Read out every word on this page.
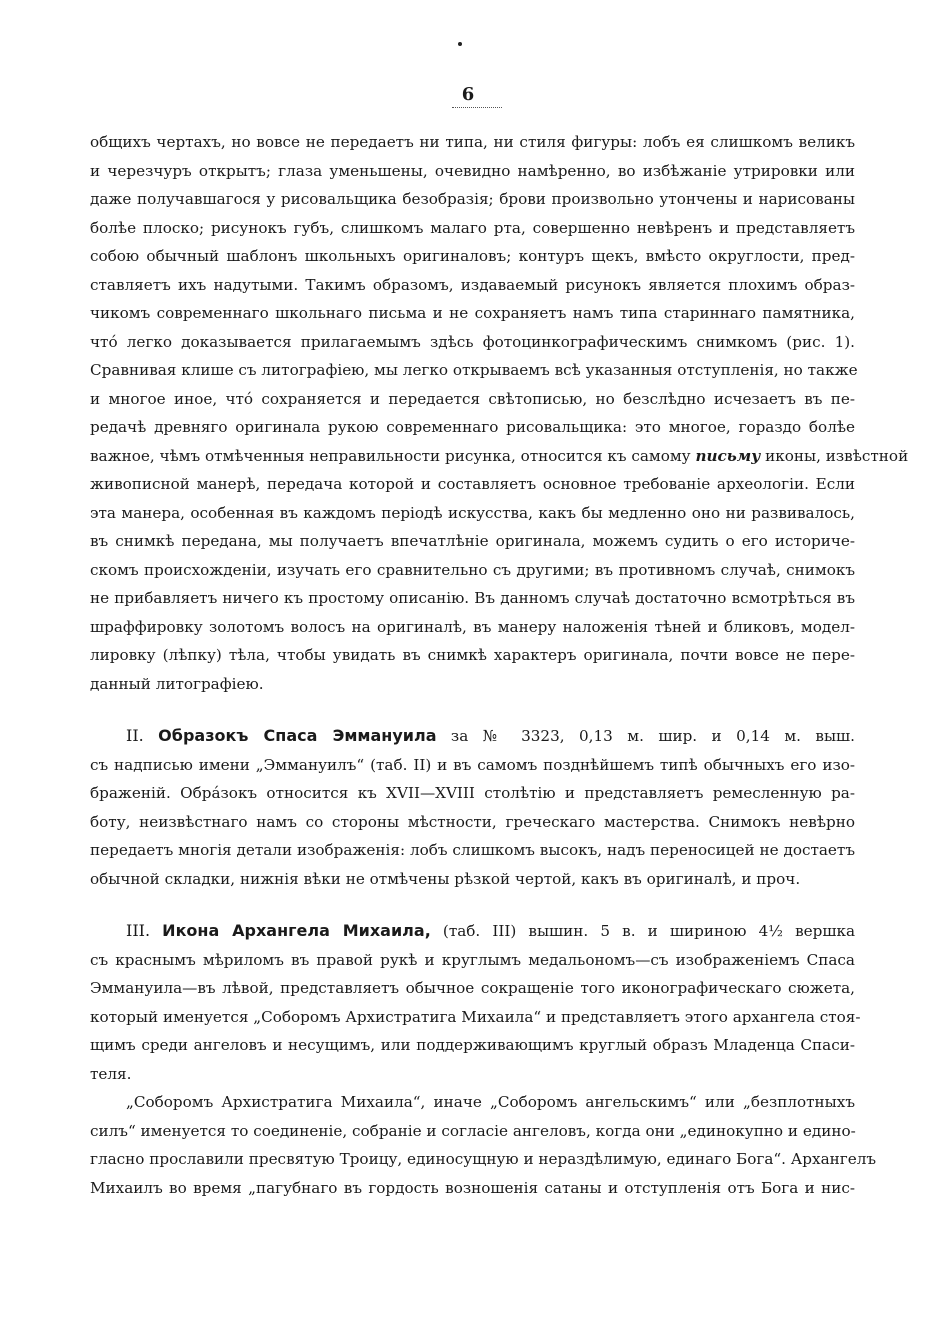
6
общихъ чертахъ, но вовсе не передаетъ ни типа, ни стиля фигуры: лобъ ея слишкомъ великъ
и черезчуръ открытъ; глаза уменьшены, очевидно намѣренно, во избѣжаніе утрировки или
даже получавшагося у рисовальщика безобразія; брови произвольно утончены и нарисованы
болѣе плоско; рисунокъ губъ, слишкомъ малаго рта, совершенно невѣренъ и представляетъ
собою обычный шаблонъ школьныхъ оригиналовъ; контуръ щекъ, вмѣсто округлости, пред-
ставляетъ ихъ надутыми. Такимъ образомъ, издаваемый рисунокъ является плохимъ образ-
чикомъ современнаго школьнаго письма и не сохраняетъ намъ типа стариннаго памятника,
что́ легко доказывается прилагаемымъ здѣсь фотоцинкографическимъ снимкомъ (рис. 1).
Сравнивая клише съ литографіею, мы легко открываемъ всѣ указанныя отступленія, но также
и многое иное, что́ сохраняется и передается свѣтописью, но безслѣдно исчезаетъ въ пе-
редачѣ древняго оригинала рукою современнаго рисовальщика: это многое, гораздо болѣе
важное, чѣмъ отмѣченныя неправильности рисунка, относится къ самому письму иконы, извѣстной
живописной манерѣ, передача которой и составляетъ основное требованіе археологіи. Если
эта манера, особенная въ каждомъ періодѣ искусства, какъ бы медленно оно ни развивалось,
въ снимкѣ передана, мы получаетъ впечатлѣніе оригинала, можемъ судить о его историче-
скомъ происхожденіи, изучать его сравнительно съ другими; въ противномъ случаѣ, снимокъ
не прибавляетъ ничего къ простому описанію. Въ данномъ случаѣ достаточно всмотрѣться въ
шраффировку золотомъ волосъ на оригиналѣ, въ манеру наложенія тѣней и бликовъ, модел-
лировку (лѣпку) тѣла, чтобы увидать въ снимкѣ характеръ оригинала, почти вовсе не пере-
данный литографіею.
II. Образокъ Спаса Эммануила за № 3323, 0,13 м. шир. и 0,14 м. выш.
съ надписью имени „Эммануилъ“ (таб. II) и въ самомъ позднѣйшемъ типѣ обычныхъ его изо-
браженій. Обра́зокъ относится къ XVII—XVIII столѣтію и представляетъ ремесленную ра-
боту, неизвѣстнаго намъ со стороны мѣстности, греческаго мастерства. Снимокъ невѣрно
передаетъ многія детали изображенія: лобъ слишкомъ высокъ, надъ переносицей не достаетъ
обычной складки, нижнія вѣки не отмѣчены рѣзкой чертой, какъ въ оригиналѣ, и проч.
III. Икона Архангела Михаила, (таб. III) вышин. 5 в. и шириною 4½ вершка
съ краснымъ мѣриломъ въ правой рукѣ и круглымъ медальономъ—съ изображеніемъ Спаса
Эммануила—въ лѣвой, представляетъ обычное сокращеніе того иконографическаго сюжета,
который именуется „Соборомъ Архистратига Михаила“ и представляетъ этого архангела стоя-
щимъ среди ангеловъ и несущимъ, или поддерживающимъ круглый образъ Младенца Спаси-
теля.
„Соборомъ Архистратига Михаила“, иначе „Соборомъ ангельскимъ“ или „безплотныхъ
силъ“ именуется то соединеніе, собраніе и согласіе ангеловъ, когда они „единокупно и едино-
гласно прославили пресвятую Троицу, единосущную и нераздѣлимую, единаго Бога“. Архангелъ
Михаилъ во время „пагубнаго въ гордость возношенія сатаны и отступленія отъ Бога и нис-
